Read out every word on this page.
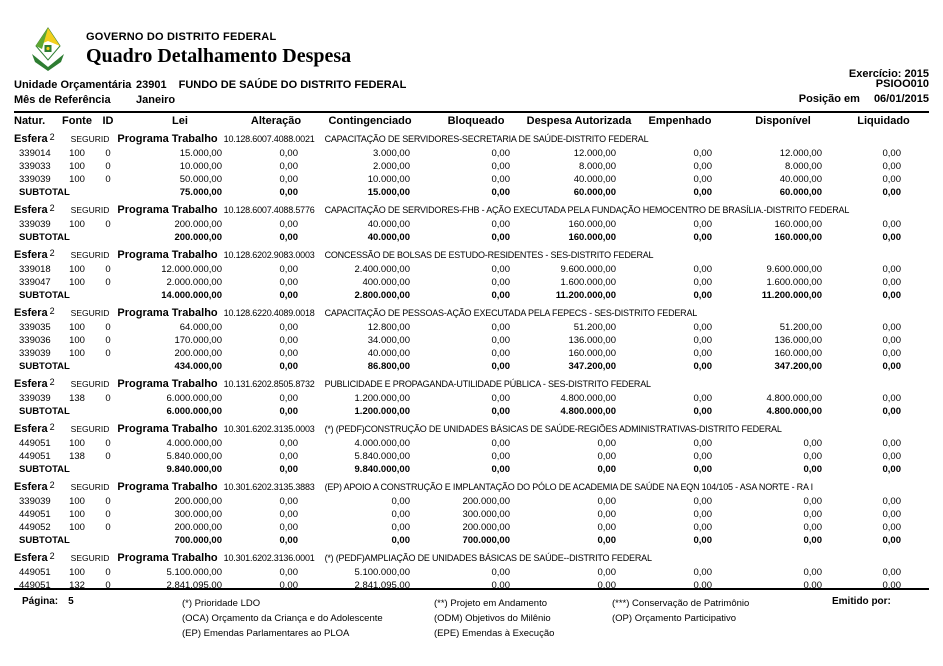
GOVERNO DO DISTRITO FEDERAL
Quadro Detalhamento Despesa
Exercício: 2015
Unidade Orçamentária 23901 FUNDO DE SAÚDE DO DISTRITO FEDERAL
Mês de Referência	Janeiro
PSIOO010
Posição em 06/01/2015
Natur.	Fonte	ID	Lei	Alteração	Contingenciado	Bloqueado	Despesa Autorizada	Empenhado	Disponível	Liquidado
Esfera 2 SEGURID Programa Trabalho 10.128.6007.4088.0021 CAPACITAÇÃO DE SERVIDORES-SECRETARIA DE SAÚDE-DISTRITO FEDERAL										
339014	100	0	15.000,00	0,00	3.000,00	0,00	12.000,00	0,00	12.000,00	0,00
339033	100	0	10.000,00	0,00	2.000,00	0,00	8.000,00	0,00	8.000,00	0,00
339039	100	0	50.000,00	0,00	10.000,00	0,00	40.000,00	0,00	40.000,00	0,00
SUBTOTAL			75.000,00	0,00	15.000,00	0,00	60.000,00	0,00	60.000,00	0,00
Esfera 2 SEGURID Programa Trabalho 10.128.6007.4088.5776 CAPACITAÇÃO DE SERVIDORES-FHB - AÇÃO EXECUTADA PELA FUNDAÇÃO HEMOCENTRO DE BRASÍLIA.-DISTRITO FEDERAL										
339039	100	0	200.000,00	0,00	40.000,00	0,00	160.000,00	0,00	160.000,00	0,00
SUBTOTAL			200.000,00	0,00	40.000,00	0,00	160.000,00	0,00	160.000,00	0,00
Esfera 2 SEGURID Programa Trabalho 10.128.6202.9083.0003 CONCESSÃO DE BOLSAS DE ESTUDO-RESIDENTES - SES-DISTRITO FEDERAL										
339018	100	0	12.000.000,00	0,00	2.400.000,00	0,00	9.600.000,00	0,00	9.600.000,00	0,00
339047	100	0	2.000.000,00	0,00	400.000,00	0,00	1.600.000,00	0,00	1.600.000,00	0,00
SUBTOTAL			14.000.000,00	0,00	2.800.000,00	0,00	11.200.000,00	0,00	11.200.000,00	0,00
Esfera 2 SEGURID Programa Trabalho 10.128.6220.4089.0018 CAPACITAÇÃO DE PESSOAS-AÇÃO EXECUTADA PELA FEPECS - SES-DISTRITO FEDERAL										
339035	100	0	64.000,00	0,00	12.800,00	0,00	51.200,00	0,00	51.200,00	0,00
339036	100	0	170.000,00	0,00	34.000,00	0,00	136.000,00	0,00	136.000,00	0,00
339039	100	0	200.000,00	0,00	40.000,00	0,00	160.000,00	0,00	160.000,00	0,00
SUBTOTAL			434.000,00	0,00	86.800,00	0,00	347.200,00	0,00	347.200,00	0,00
Esfera 2 SEGURID Programa Trabalho 10.131.6202.8505.8732 PUBLICIDADE E PROPAGANDA-UTILIDADE PÚBLICA - SES-DISTRITO FEDERAL										
339039	138	0	6.000.000,00	0,00	1.200.000,00	0,00	4.800.000,00	0,00	4.800.000,00	0,00
SUBTOTAL			6.000.000,00	0,00	1.200.000,00	0,00	4.800.000,00	0,00	4.800.000,00	0,00
Esfera 2 SEGURID Programa Trabalho 10.301.6202.3135.0003 (*) (PEDF)CONSTRUÇÃO DE UNIDADES BÁSICAS DE SAÚDE-REGIÕES ADMINISTRATIVAS-DISTRITO FEDERAL										
449051	100	0	4.000.000,00	0,00	4.000.000,00	0,00	0,00	0,00	0,00	0,00
449051	138	0	5.840.000,00	0,00	5.840.000,00	0,00	0,00	0,00	0,00	0,00
SUBTOTAL			9.840.000,00	0,00	9.840.000,00	0,00	0,00	0,00	0,00	0,00
Esfera 2 SEGURID Programa Trabalho 10.301.6202.3135.3883 (EP) APOIO A CONSTRUÇÃO E IMPLANTAÇÃO DO PÓLO DE ACADEMIA DE SAÚDE NA EQN 104/105 - ASA NORTE - RA I										
339039	100	0	200.000,00	0,00	0,00	200.000,00	0,00	0,00	0,00	0,00
449051	100	0	300.000,00	0,00	0,00	300.000,00	0,00	0,00	0,00	0,00
449052	100	0	200.000,00	0,00	0,00	200.000,00	0,00	0,00	0,00	0,00
SUBTOTAL			700.000,00	0,00	0,00	700.000,00	0,00	0,00	0,00	0,00
Esfera 2 SEGURID Programa Trabalho 10.301.6202.3136.0001 (*) (PEDF)AMPLIAÇÃO DE UNIDADES BÁSICAS DE SAÚDE--DISTRITO FEDERAL										
449051	100	0	5.100.000,00	0,00	5.100.000,00	0,00	0,00	0,00	0,00	0,00
449051	132	0	2.841.095,00	0,00	2.841.095,00	0,00	0,00	0,00	0,00	0,00
Página: 5	(*) Prioridade LDO
(OCA) Orçamento da Criança e do Adolescente
(EP) Emendas Parlamentares ao PLOA
(**) Projeto em Andamento
(ODM) Objetivos do Milênio
(EPE) Emendas à Execução
(***) Conservação de Patrimônio
(OP) Orçamento Participativo
Emitido por:
